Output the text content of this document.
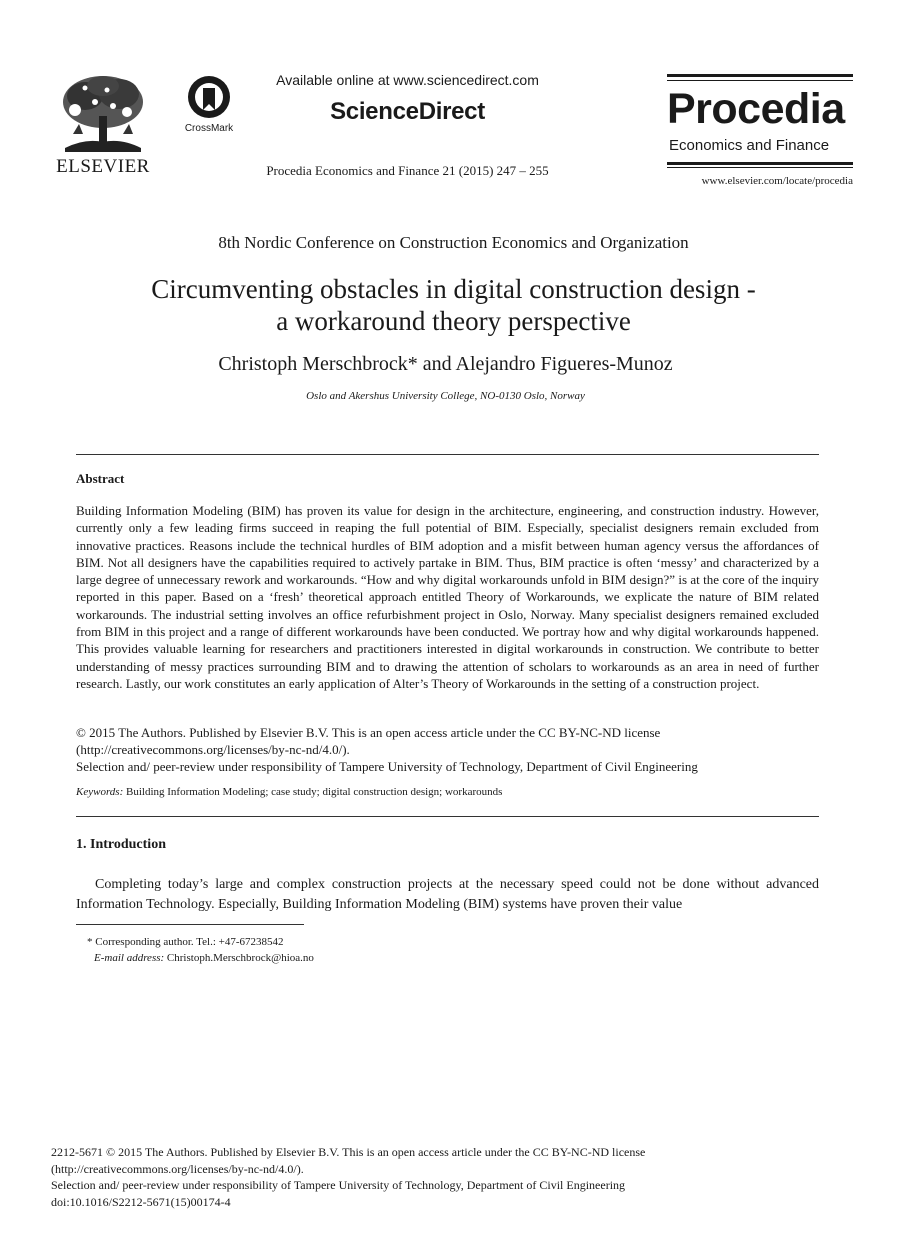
ELSEVIER
CrossMark
Available online at www.sciencedirect.com
ScienceDirect
Procedia Economics and Finance 21 (2015) 247 – 255
Procedia
Economics and Finance
www.elsevier.com/locate/procedia
8th Nordic Conference on Construction Economics and Organization
Circumventing obstacles in digital construction design -
a workaround theory perspective
Christoph Merschbrock* and Alejandro Figueres-Munoz
Oslo and Akershus University College, NO-0130 Oslo, Norway
Abstract
Building Information Modeling (BIM) has proven its value for design in the architecture, engineering, and construction industry. However, currently only a few leading firms succeed in reaping the full potential of BIM. Especially, specialist designers remain excluded from innovative practices. Reasons include the technical hurdles of BIM adoption and a misfit between human agency versus the affordances of BIM. Not all designers have the capabilities required to actively partake in BIM. Thus, BIM practice is often ‘messy’ and characterized by a large degree of unnecessary rework and workarounds. “How and why digital workarounds unfold in BIM design?” is at the core of the inquiry reported in this paper. Based on a ‘fresh’ theoretical approach entitled Theory of Workarounds, we explicate the nature of BIM related workarounds. The industrial setting involves an office refurbishment project in Oslo, Norway. Many specialist designers remained excluded from BIM in this project and a range of different workarounds have been conducted. We portray how and why digital workarounds happened. This provides valuable learning for researchers and practitioners interested in digital workarounds in construction. We contribute to better understanding of messy practices surrounding BIM and to drawing the attention of scholars to workarounds as an area in need of further research. Lastly, our work constitutes an early application of Alter’s Theory of Workarounds in the setting of a construction project.
© 2015 The Authors. Published by Elsevier B.V. This is an open access article under the CC BY-NC-ND license
(http://creativecommons.org/licenses/by-nc-nd/4.0/).
Selection and/ peer-review under responsibility of Tampere University of Technology, Department of Civil Engineering
Keywords: Building Information Modeling; case study; digital construction design; workarounds
1. Introduction
Completing today’s large and complex construction projects at the necessary speed could not be done without advanced Information Technology. Especially, Building Information Modeling (BIM) systems have proven their value
* Corresponding author. Tel.: +47-67238542
E-mail address: Christoph.Merschbrock@hioa.no
2212-5671 © 2015 The Authors. Published by Elsevier B.V. This is an open access article under the CC BY-NC-ND license
(http://creativecommons.org/licenses/by-nc-nd/4.0/).
Selection and/ peer-review under responsibility of Tampere University of Technology, Department of Civil Engineering
doi:10.1016/S2212-5671(15)00174-4
